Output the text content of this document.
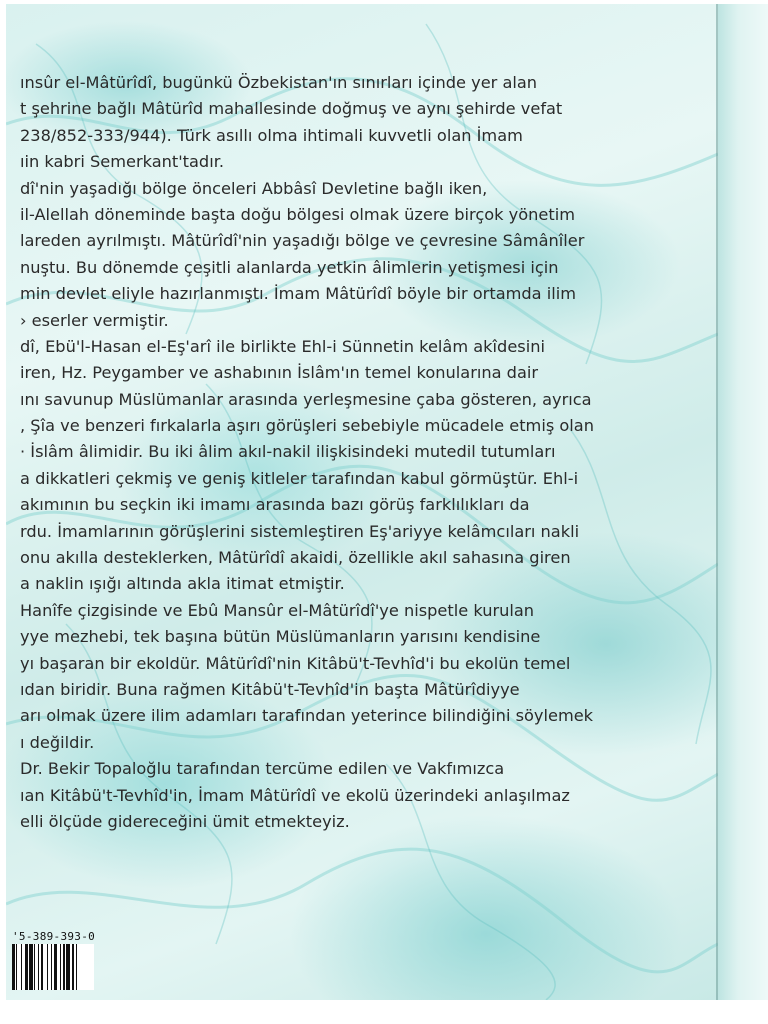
ınsûr el-Mâtürîdî, bugünkü Özbekistan'ın sınırları içinde yer alan
t şehrine bağlı Mâtürîd mahallesinde doğmuş ve aynı şehirde vefat
238/852-333/944). Türk asıllı olma ihtimali kuvvetli olan İmam
ıin kabri Semerkant'tadır.
dî'nin yaşadığı bölge önceleri Abbâsî Devletine bağlı iken,
il-Alellah döneminde başta doğu bölgesi olmak üzere birçok yönetim
lareden ayrılmıştı. Mâtürîdî'nin yaşadığı bölge ve çevresine Sâmânîler
nuştu. Bu dönemde çeşitli alanlarda yetkin âlimlerin yetişmesi için
min devlet eliyle hazırlanmıştı. İmam Mâtürîdî böyle bir ortamda ilim
› eserler vermiştir.
dî, Ebü'l-Hasan el-Eş'arî ile birlikte Ehl-i Sünnetin kelâm akîdesini
iren, Hz. Peygamber ve ashabının İslâm'ın temel konularına dair
ını savunup Müslümanlar arasında yerleşmesine çaba gösteren, ayrıca
, Şîa ve benzeri fırkalarla aşırı görüşleri sebebiyle mücadele etmiş olan
· İslâm âlimidir. Bu iki âlim akıl-nakil ilişkisindeki mutedil tutumları
a dikkatleri çekmiş ve geniş kitleler tarafından kabul görmüştür. Ehl-i
akımının bu seçkin iki imamı arasında bazı görüş farklılıkları da
rdu. İmamlarının görüşlerini sistemleştiren Eş'ariyye kelâmcıları nakli
onu akılla desteklerken, Mâtürîdî akaidi, özellikle akıl sahasına giren
a naklin ışığı altında akla itimat etmiştir.
Hanîfe çizgisinde ve Ebû Mansûr el-Mâtürîdî'ye nispetle kurulan
yye mezhebi, tek başına bütün Müslümanların yarısını kendisine
yı başaran bir ekoldür. Mâtürîdî'nin Kitâbü't-Tevhîd'i bu ekolün temel
ıdan biridir. Buna rağmen Kitâbü't-Tevhîd'in başta Mâtürîdiyye
arı olmak üzere ilim adamları tarafından yeterince bilindiğini söylemek
ı değildir.
Dr. Bekir Topaloğlu tarafından tercüme edilen ve Vakfımızca
ıan Kitâbü't-Tevhîd'in, İmam Mâtürîdî ve ekolü üzerindeki anlaşılmaz
elli ölçüde gidereceğini ümit etmekteyiz.
'5-389-393-0
